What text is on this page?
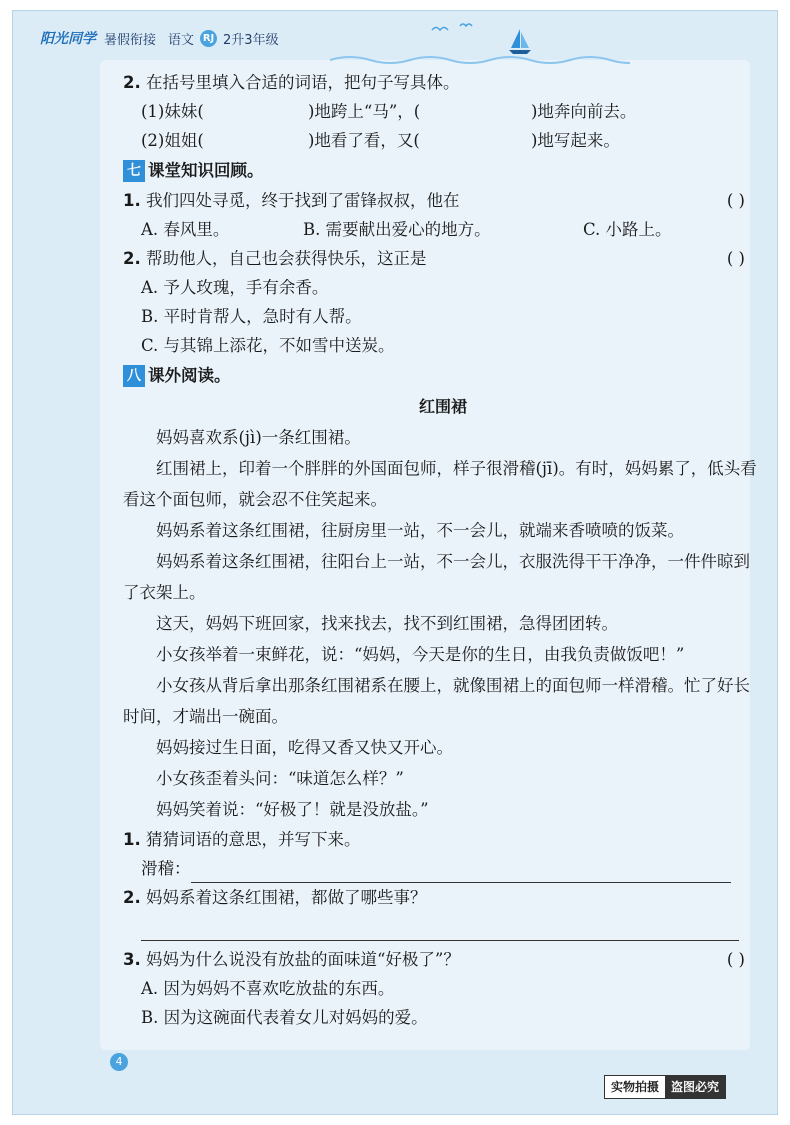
阳光同学 暑假衔接 语文 RJ 2升3年级
2. 在括号里填入合适的词语，把句子写具体。
(1)妹妹(	)地跨上“马”，(	)地奔向前去。
(2)姐姐(	)地看了看，又(	)地写起来。
七 课堂知识回顾。
1. 我们四处寻觅，终于找到了雷锋叔叔，他在	( )
A. 春风里。	B. 需要献出爱心的地方。	C. 小路上。
2. 帮助他人，自己也会获得快乐，这正是	( )
A. 予人玫瑰，手有余香。
B. 平时肯帮人，急时有人帮。
C. 与其锦上添花，不如雪中送炭。
八 课外阅读。
红围裙
妈妈喜欢系(jì)一条红围裙。
红围裙上，印着一个胖胖的外国面包师，样子很滑稽(jī)。有时，妈妈累了，低头看看这个面包师，就会忍不住笑起来。
妈妈系着这条红围裙，往厨房里一站，不一会儿，就端来香喷喷的饭菜。
妈妈系着这条红围裙，往阳台上一站，不一会儿，衣服洗得干干净净，一件件晾到了衣架上。
这天，妈妈下班回家，找来找去，找不到红围裙，急得团团转。
小女孩举着一束鲜花，说：“妈妈，今天是你的生日，由我负责做饭吧！”
小女孩从背后拿出那条红围裙系在腰上，就像围裙上的面包师一样滑稽。忙了好长时间，才端出一碗面。
妈妈接过生日面，吃得又香又快又开心。
小女孩歪着头问：“味道怎么样？”
妈妈笑着说：“好极了！就是没放盐。”
1. 猜猜词语的意思，并写下来。
滑稽：
2. 妈妈系着这条红围裙，都做了哪些事？
3. 妈妈为什么说没有放盐的面味道“好极了”？	( )
A. 因为妈妈不喜欢吃放盐的东西。
B. 因为这碗面代表着女儿对妈妈的爱。
4
实物拍摄	盗图必究
